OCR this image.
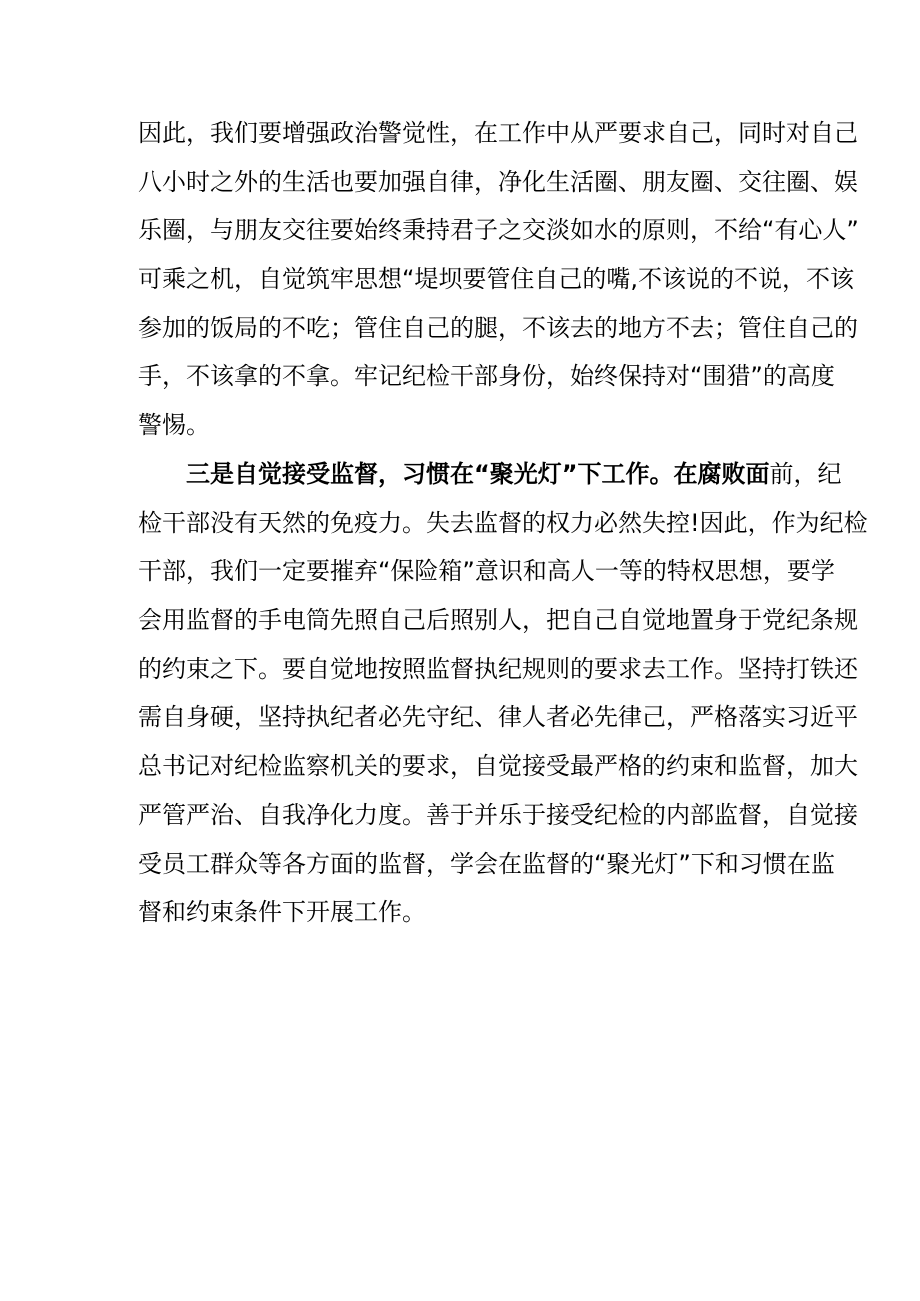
因此，我们要增强政治警觉性，在工作中从严要求自己，同时对自己
八小时之外的生活也要加强自律，净化生活圈、朋友圈、交往圈、娱
乐圈，与朋友交往要始终秉持君子之交淡如水的原则，不给“有心人”
可乘之机，自觉筑牢思想“堤坝要管住自己的嘴,不该说的不说，不该
参加的饭局的不吃；管住自己的腿，不该去的地方不去；管住自己的
手，不该拿的不拿。牢记纪检干部身份，始终保持对“围猎”的高度
警惕。
三是自觉接受监督，习惯在“聚光灯”下工作。在腐败面前，纪
检干部没有天然的免疫力。失去监督的权力必然失控!因此，作为纪检
干部，我们一定要摧弃“保险箱”意识和高人一等的特权思想，要学
会用监督的手电筒先照自己后照别人，把自己自觉地置身于党纪条规
的约束之下。要自觉地按照监督执纪规则的要求去工作。坚持打铁还
需自身硬，坚持执纪者必先守纪、律人者必先律己，严格落实习近平
总书记对纪检监察机关的要求，自觉接受最严格的约束和监督，加大
严管严治、自我净化力度。善于并乐于接受纪检的内部监督，自觉接
受员工群众等各方面的监督，学会在监督的“聚光灯”下和习惯在监
督和约束条件下开展工作。
